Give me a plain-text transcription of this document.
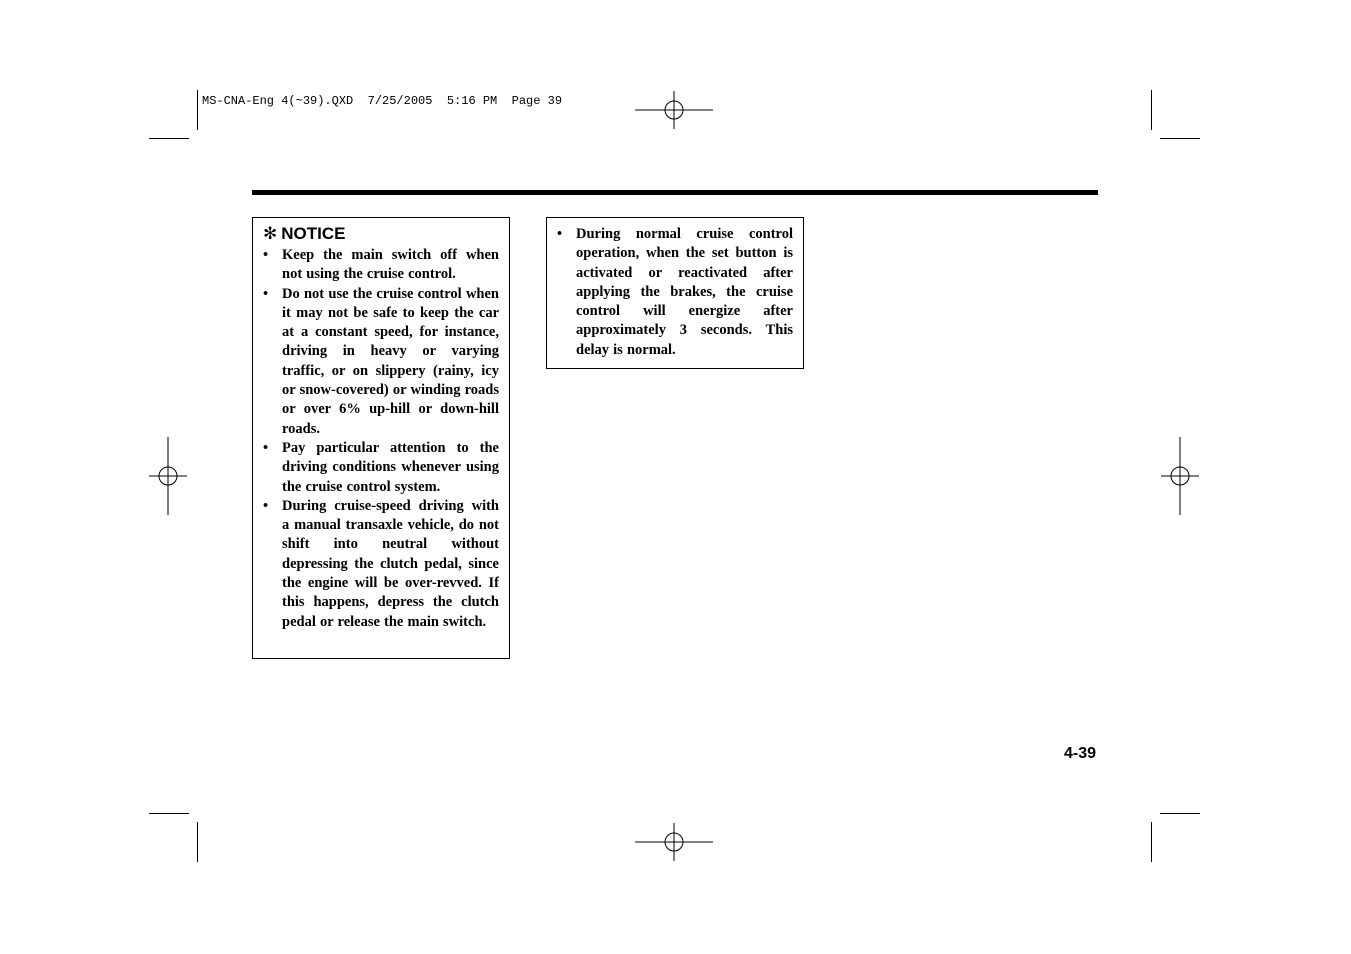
MS-CNA-Eng 4(~39).QXD  7/25/2005  5:16 PM  Page 39
✻ NOTICE
• Keep the main switch off when not using the cruise control.
• Do not use the cruise control when it may not be safe to keep the car at a constant speed, for instance, driving in heavy or varying traffic, or on slippery (rainy, icy or snow-covered) or winding roads or over 6% up-hill or down-hill roads.
• Pay particular attention to the driving conditions whenever using the cruise control system.
• During cruise-speed driving with a manual transaxle vehicle, do not shift into neutral without depressing the clutch pedal, since the engine will be over-revved. If this happens, depress the clutch pedal or release the main switch.
• During normal cruise control operation, when the set button is activated or reactivated after applying the brakes, the cruise control will energize after approximately 3 seconds. This delay is normal.
4-39
